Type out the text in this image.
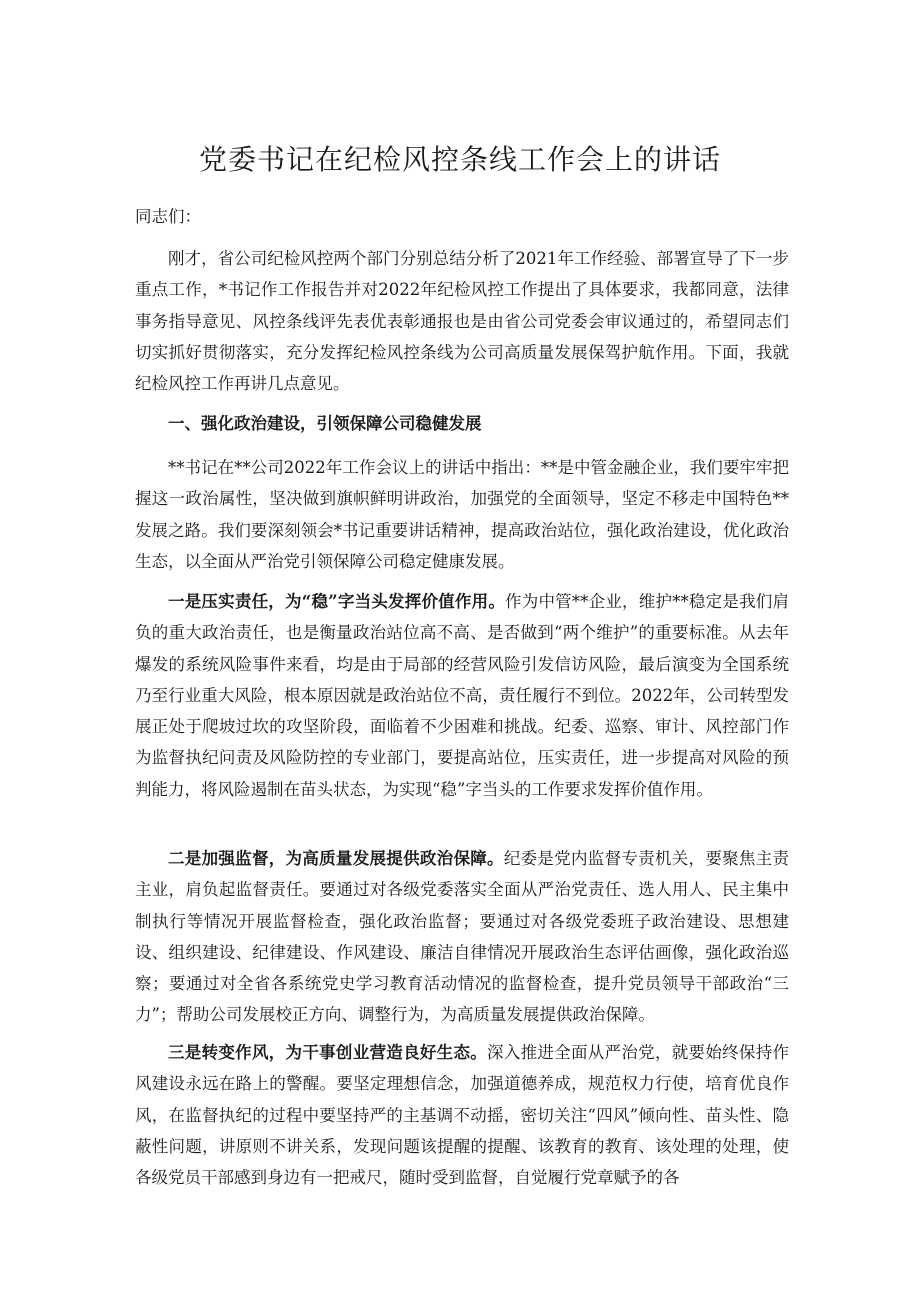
党委书记在纪检风控条线工作会上的讲话

同志们：

刚才，省公司纪检风控两个部门分别总结分析了2021年工作经验、部署宣导了下一步重点工作，*书记作工作报告并对2022年纪检风控工作提出了具体要求，我都同意，法律事务指导意见、风控条线评先表优表彰通报也是由省公司党委会审议通过的，希望同志们切实抓好贯彻落实，充分发挥纪检风控条线为公司高质量发展保驾护航作用。下面，我就纪检风控工作再讲几点意见。

一、强化政治建设，引领保障公司稳健发展

**书记在**公司2022年工作会议上的讲话中指出：**是中管金融企业，我们要牢牢把握这一政治属性，坚决做到旗帜鲜明讲政治，加强党的全面领导，坚定不移走中国特色**发展之路。我们要深刻领会*书记重要讲话精神，提高政治站位，强化政治建设，优化政治生态，以全面从严治党引领保障公司稳定健康发展。

一是压实责任，为“稳”字当头发挥价值作用。作为中管**企业，维护**稳定是我们肩负的重大政治责任，也是衡量政治站位高不高、是否做到“两个维护”的重要标准。从去年爆发的系统风险事件来看，均是由于局部的经营风险引发信访风险，最后演变为全国系统乃至行业重大风险，根本原因就是政治站位不高，责任履行不到位。2022年，公司转型发展正处于爬坡过坎的攻坚阶段，面临着不少困难和挑战。纪委、巡察、审计、风控部门作为监督执纪问责及风险防控的专业部门，要提高站位，压实责任，进一步提高对风险的预判能力，将风险遏制在苗头状态，为实现“稳”字当头的工作要求发挥价值作用。

二是加强监督，为高质量发展提供政治保障。纪委是党内监督专责机关，要聚焦主责主业，肩负起监督责任。要通过对各级党委落实全面从严治党责任、选人用人、民主集中制执行等情况开展监督检查，强化政治监督；要通过对各级党委班子政治建设、思想建设、组织建设、纪律建设、作风建设、廉洁自律情况开展政治生态评估画像，强化政治巡察；要通过对全省各系统党史学习教育活动情况的监督检查，提升党员领导干部政治“三力”；帮助公司发展校正方向、调整行为，为高质量发展提供政治保障。

三是转变作风，为干事创业营造良好生态。深入推进全面从严治党，就要始终保持作风建设永远在路上的警醒。要坚定理想信念，加强道德养成，规范权力行使，培育优良作风，在监督执纪的过程中要坚持严的主基调不动摇，密切关注“四风”倾向性、苗头性、隐蔽性问题，讲原则不讲关系，发现问题该提醒的提醒、该教育的教育、该处理的处理，使各级党员干部感到身边有一把戒尺，随时受到监督，自觉履行党章赋予的各
